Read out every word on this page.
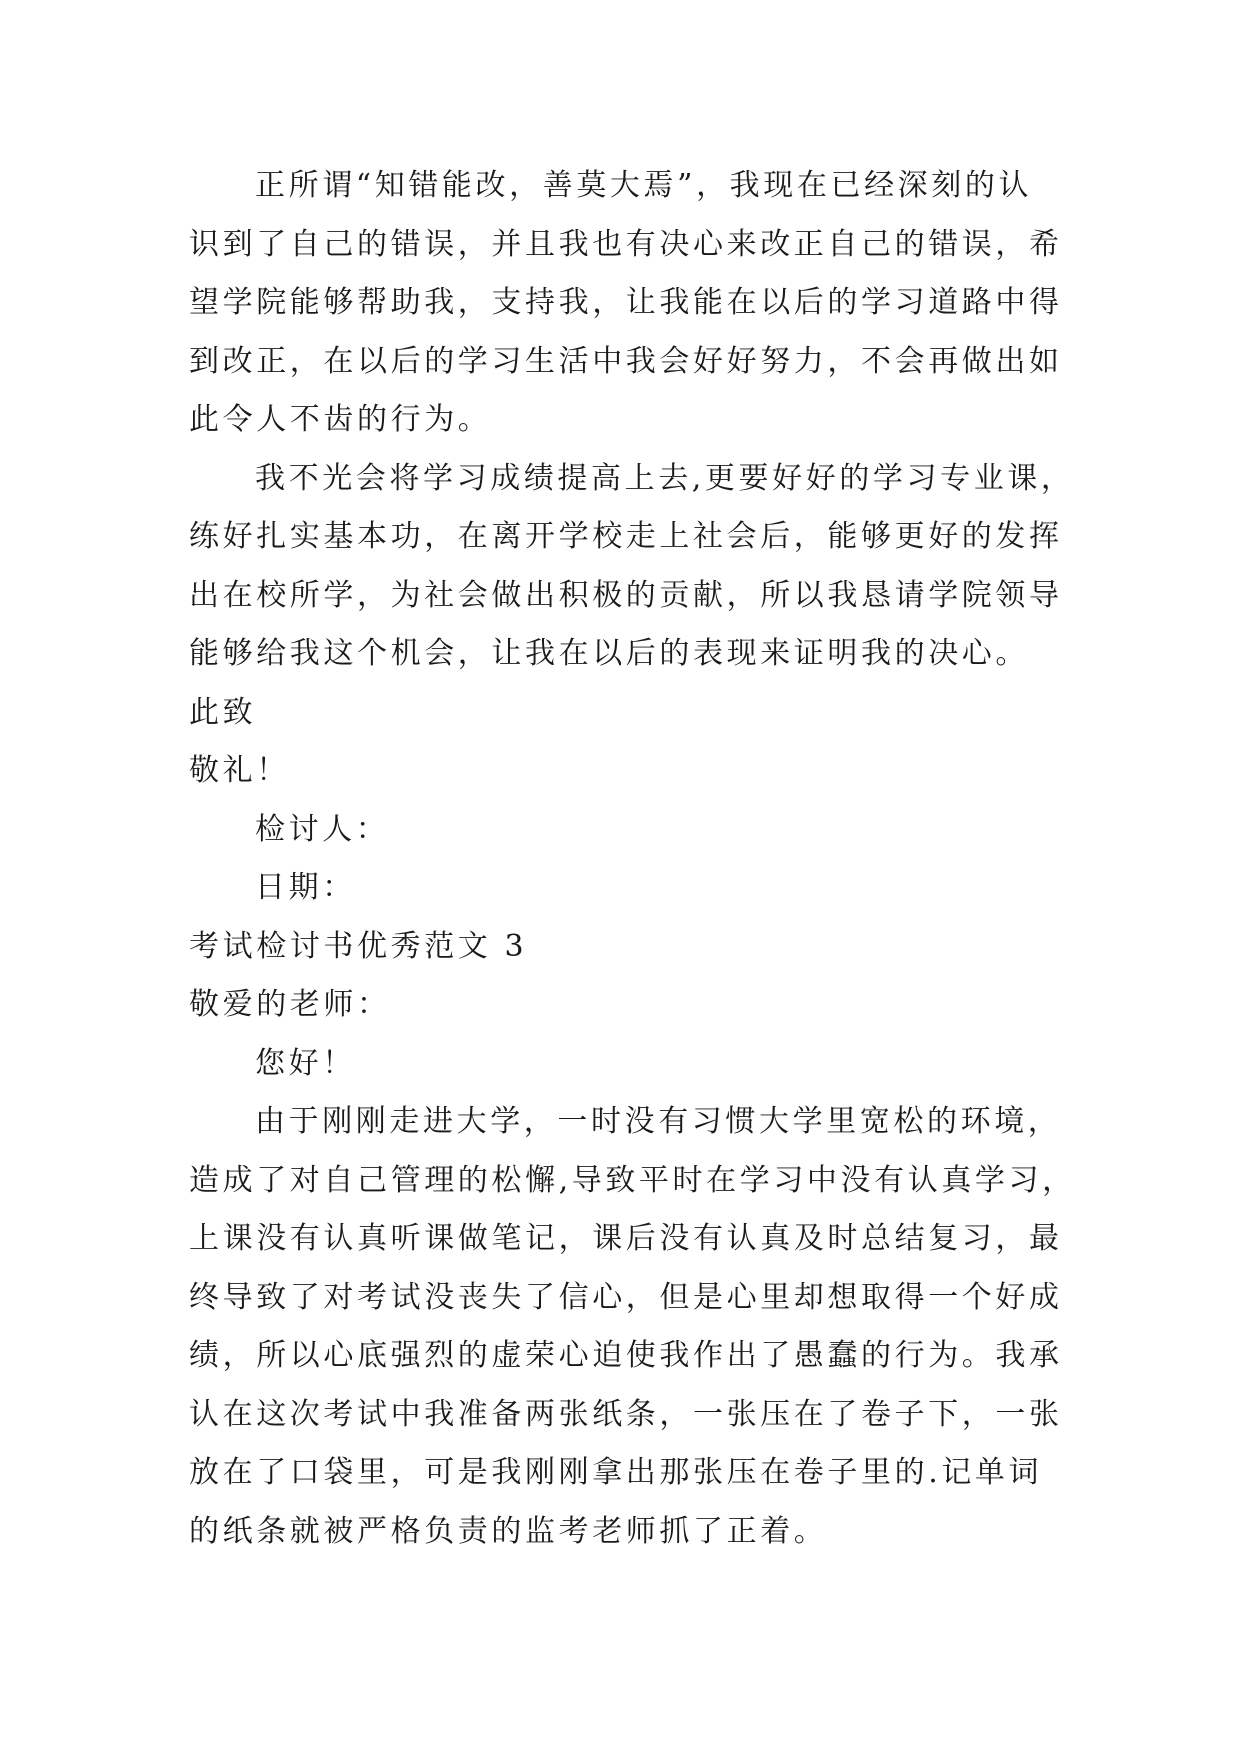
正所谓“知错能改，善莫大焉”，我现在已经深刻的认
识到了自己的错误，并且我也有决心来改正自己的错误，希
望学院能够帮助我，支持我，让我能在以后的学习道路中得
到改正，在以后的学习生活中我会好好努力，不会再做出如
此令人不齿的行为。
我不光会将学习成绩提高上去,更要好好的学习专业课，
练好扎实基本功，在离开学校走上社会后，能够更好的发挥
出在校所学，为社会做出积极的贡献，所以我恳请学院领导
能够给我这个机会，让我在以后的表现来证明我的决心。
此致
敬礼！
检讨人：
日期：
考试检讨书优秀范文 3
敬爱的老师：
您好！
由于刚刚走进大学，一时没有习惯大学里宽松的环境，
造成了对自己管理的松懈,导致平时在学习中没有认真学习，
上课没有认真听课做笔记，课后没有认真及时总结复习，最
终导致了对考试没丧失了信心，但是心里却想取得一个好成
绩，所以心底强烈的虚荣心迫使我作出了愚蠢的行为。我承
认在这次考试中我准备两张纸条，一张压在了卷子下，一张
放在了口袋里，可是我刚刚拿出那张压在卷子里的.记单词
的纸条就被严格负责的监考老师抓了正着。
